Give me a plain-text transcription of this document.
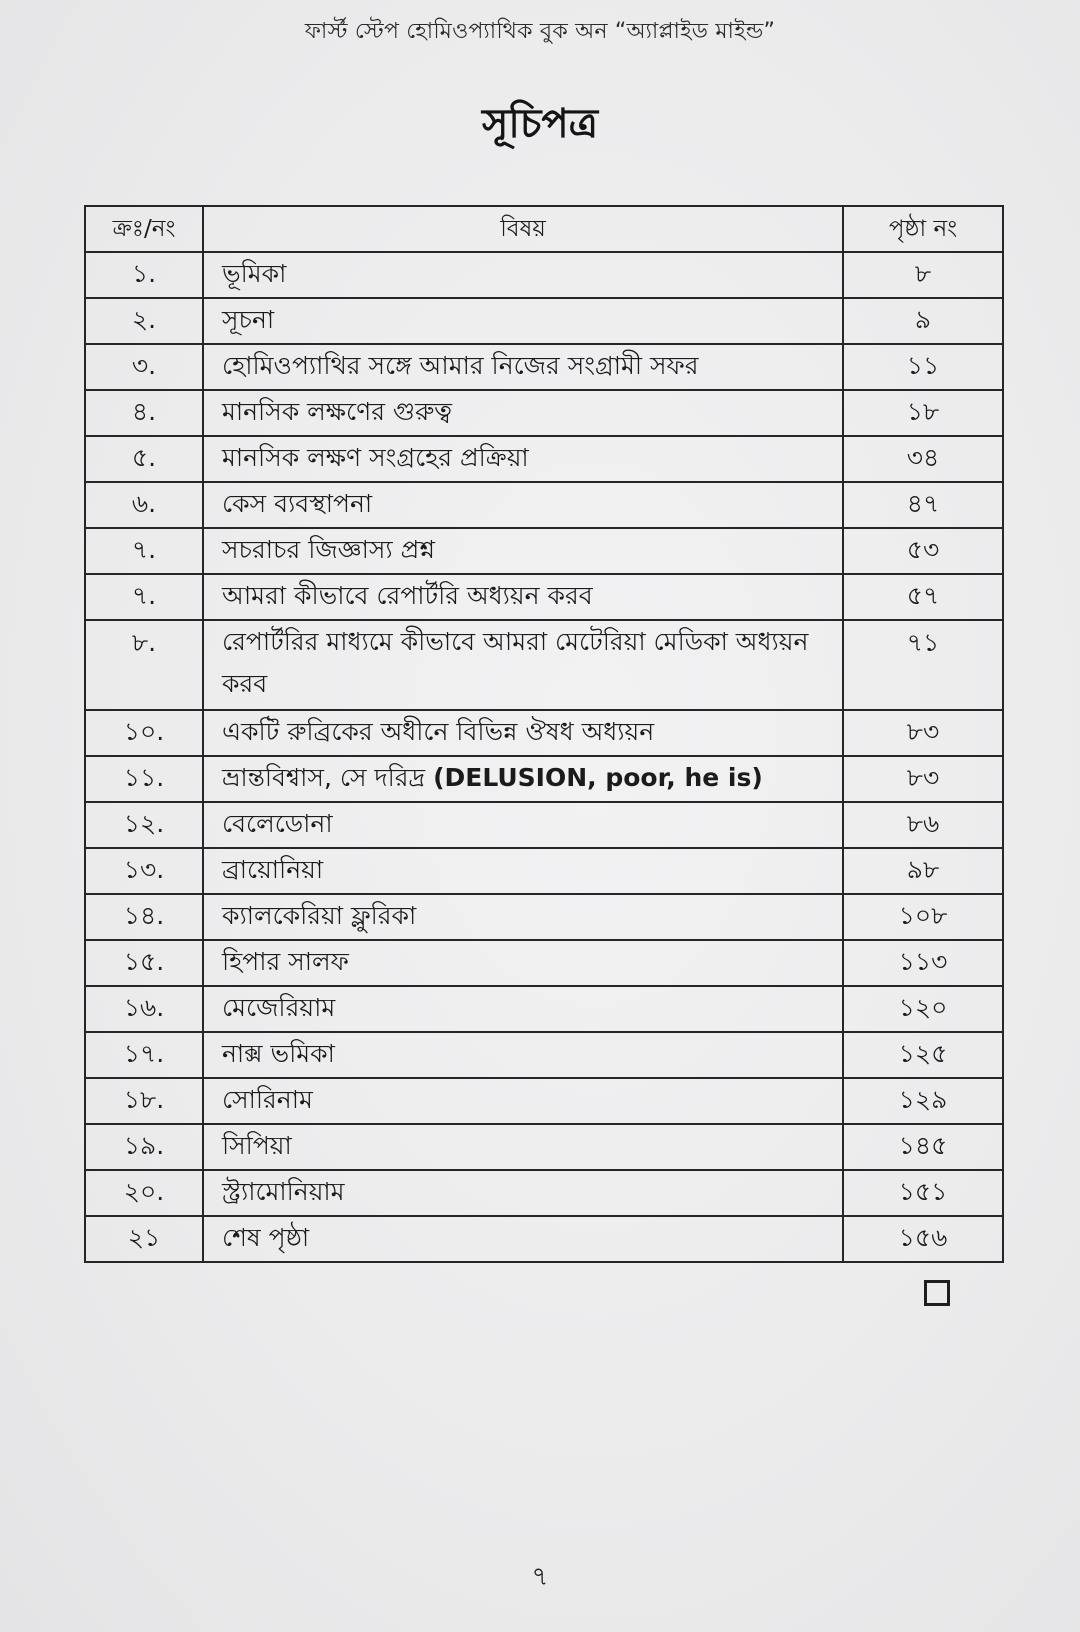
ফার্স্ট স্টেপ হোমিওপ্যাথিক বুক অন “অ্যাপ্লাইড মাইন্ড”
সূচিপত্র
ক্রঃ/নং	বিষয়	পৃষ্ঠা নং
১.	ভূমিকা	৮
২.	সূচনা	৯
৩.	হোমিওপ্যাথির সঙ্গে আমার নিজের সংগ্রামী সফর	১১
৪.	মানসিক লক্ষণের গুরুত্ব	১৮
৫.	মানসিক লক্ষণ সংগ্রহের প্রক্রিয়া	৩৪
৬.	কেস ব্যবস্থাপনা	৪৭
৭.	সচরাচর জিজ্ঞাস্য প্রশ্ন	৫৩
৭.	আমরা কীভাবে রেপার্টরি অধ্যয়ন করব	৫৭
৮.	রেপার্টরির মাধ্যমে কীভাবে আমরা মেটেরিয়া মেডিকা অধ্যয়ন করব	৭১
১০.	একটি রুব্রিকের অধীনে বিভিন্ন ঔষধ অধ্যয়ন	৮৩
১১.	ভ্রান্তবিশ্বাস, সে দরিদ্র (DELUSION, poor, he is)	৮৩
১২.	বেলেডোনা	৮৬
১৩.	ব্রায়োনিয়া	৯৮
১৪.	ক্যালকেরিয়া ফ্লুরিকা	১০৮
১৫.	হিপার সালফ	১১৩
১৬.	মেজেরিয়াম	১২০
১৭.	নাক্স ভমিকা	১২৫
১৮.	সোরিনাম	১২৯
১৯.	সিপিয়া	১৪৫
২০.	স্ট্র্যামোনিয়াম	১৫১
২১	শেষ পৃষ্ঠা	১৫৬
৭
